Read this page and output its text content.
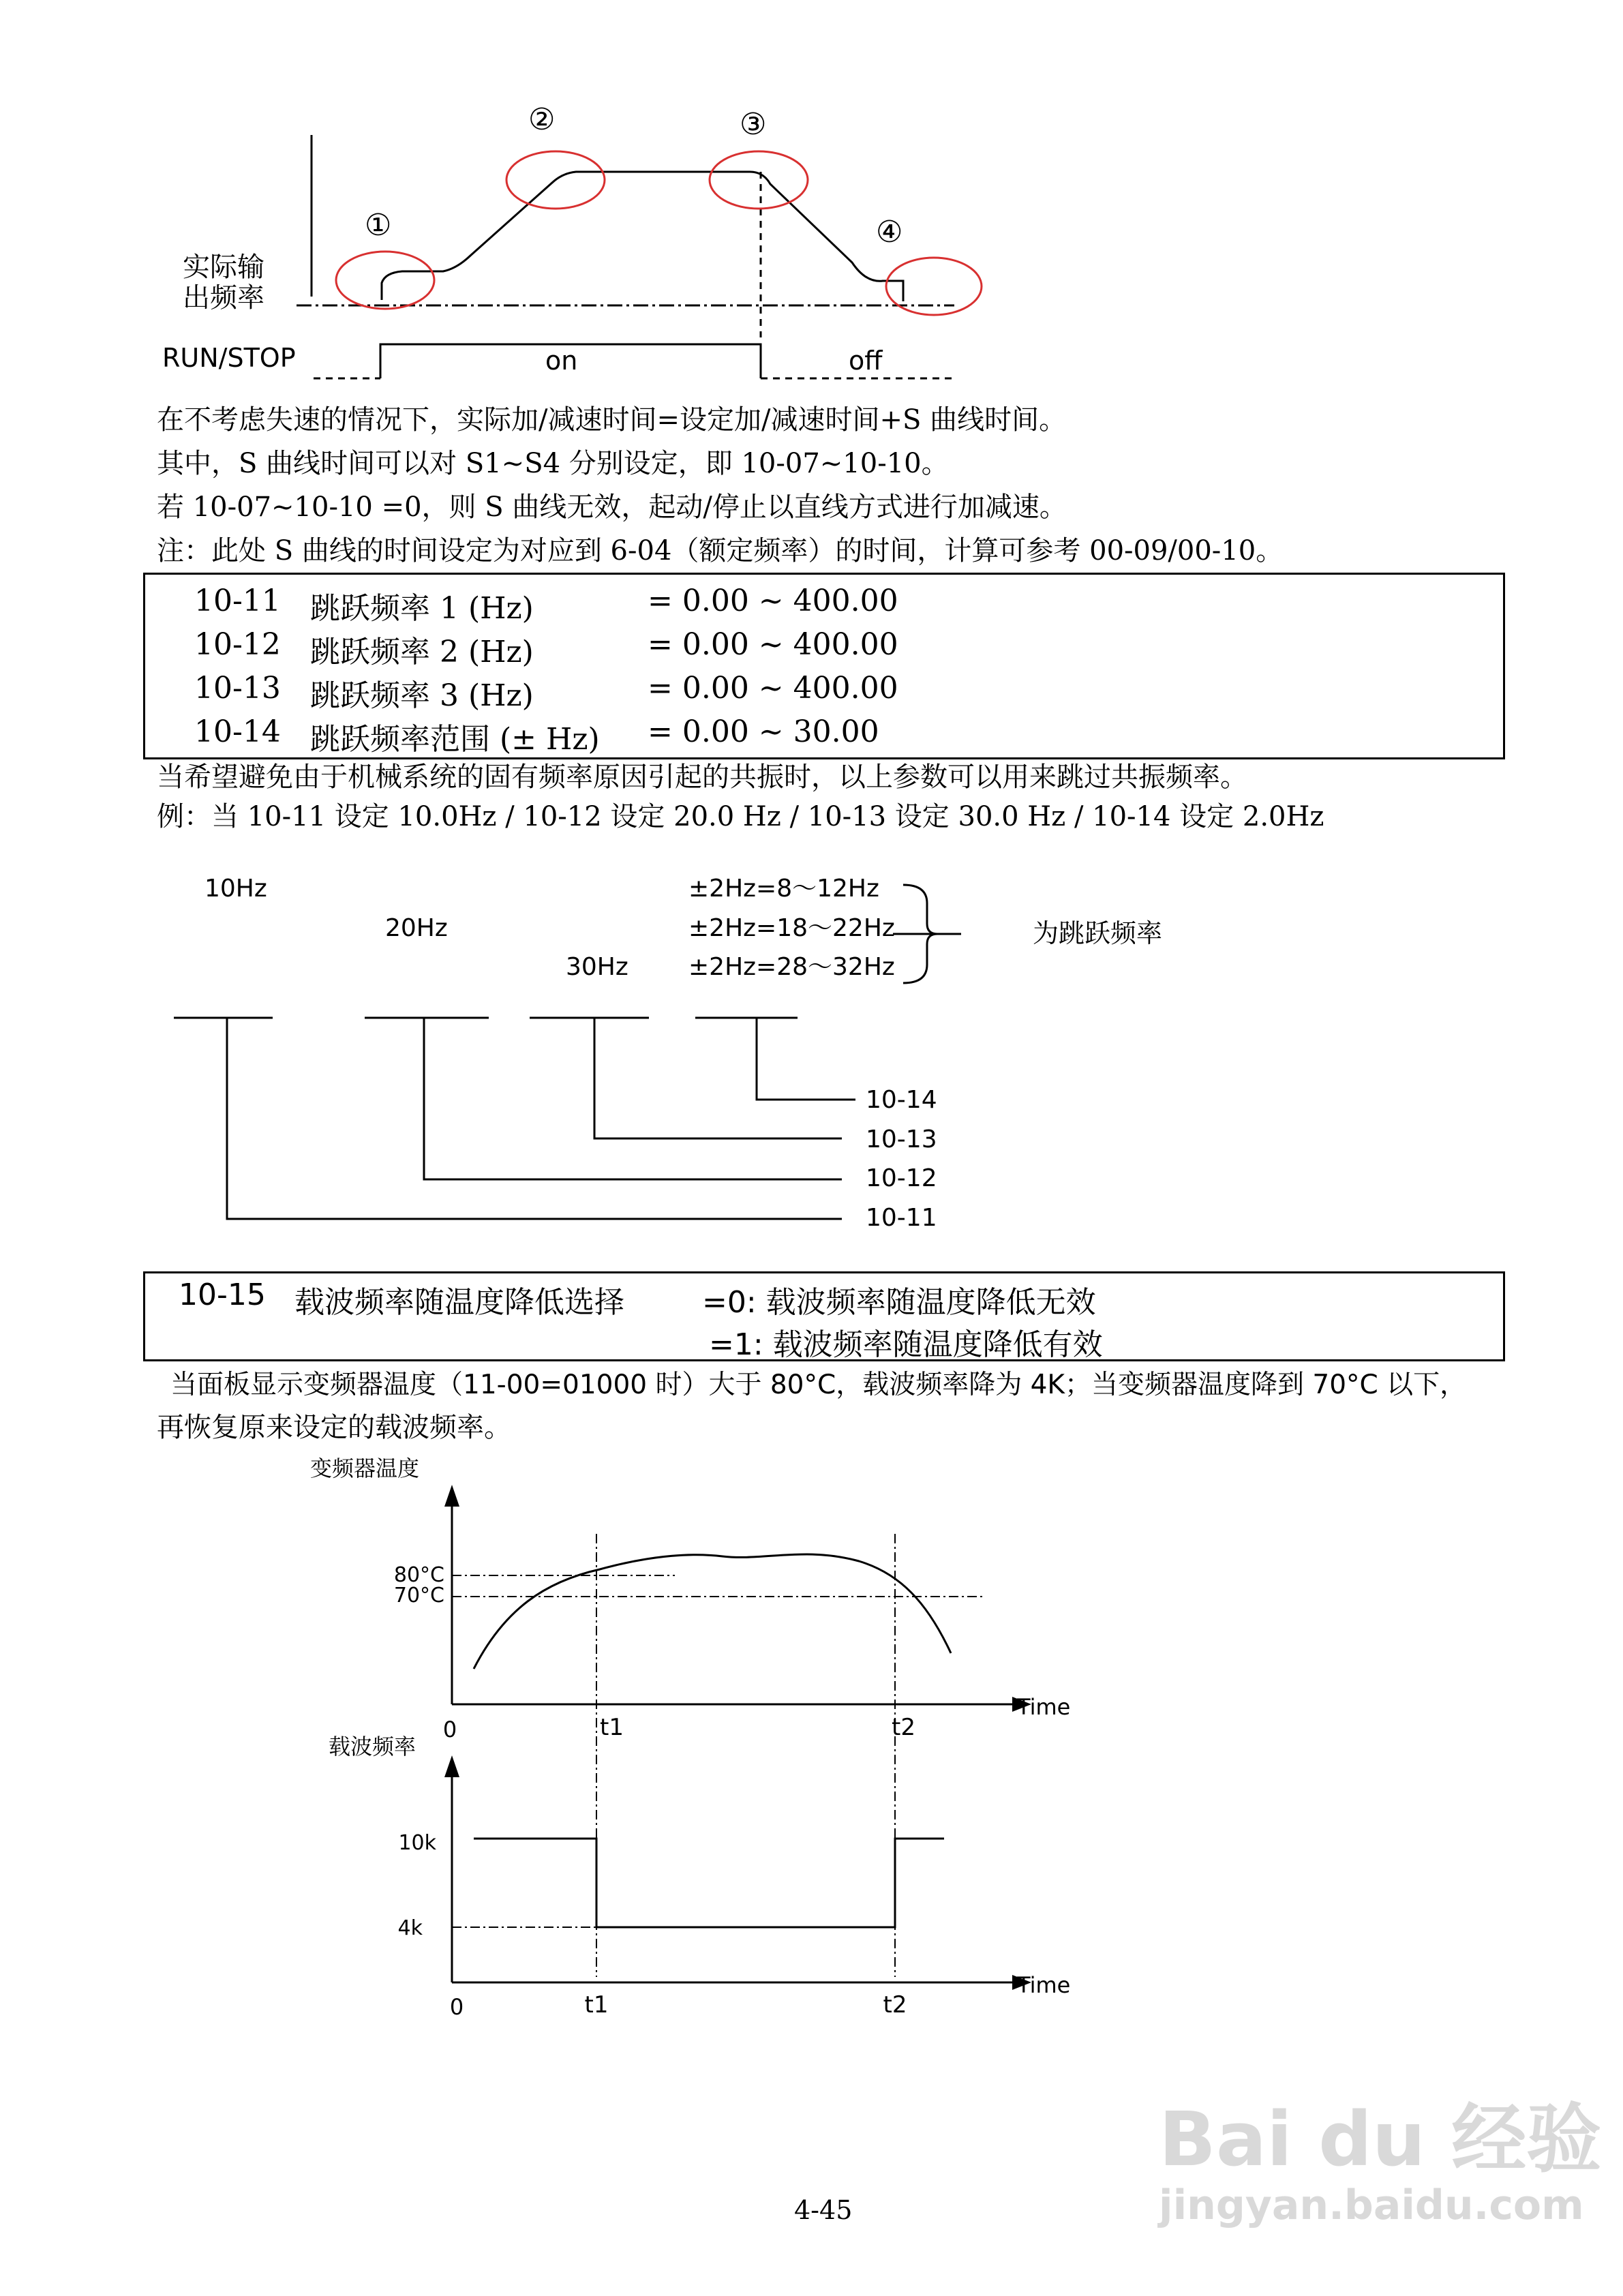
①
②	③
④
实际输
出频率
RUN/STOP	on	off
在不考虑失速的情况下，实际加/减速时间=设定加/减速时间+S 曲线时间。
其中，S 曲线时间可以对 S1~S4 分别设定，即 10-07~10-10。
若 10-07~10-10 =0，则 S 曲线无效，起动/停止以直线方式进行加减速。
注：此处 S 曲线的时间设定为对应到 6-04（额定频率）的时间，计算可参考 00-09/00-10。
10-11 跳跃频率 1 (Hz)	= 0.00 ~ 400.00
10-12 跳跃频率 2 (Hz)	= 0.00 ~ 400.00
10-13 跳跃频率 3 (Hz)	= 0.00 ~ 400.00
10-14 跳跃频率范围 (± Hz) = 0.00 ~ 30.00
当希望避免由于机械系统的固有频率原因引起的共振时，以上参数可以用来跳过共振频率。
例：当 10-11 设定 10.0Hz / 10-12 设定 20.0 Hz / 10-13 设定 30.0 Hz / 10-14 设定 2.0Hz
10Hz
20Hz
30Hz
±2Hz=8～12Hz
±2Hz=18～22Hz
±2Hz=28～32Hz
为跳跃频率
10-14
10-13
10-12
10-11
10-15 载波频率随温度降低选择	=0: 载波频率随温度降低无效
=1: 载波频率随温度降低有效
当面板显示变频器温度（11-00=01000 时）大于 80°C，载波频率降为 4K；当变频器温度降到 70°C 以下，
再恢复原来设定的载波频率。
变频器温度
Time
0	t1	t2
80°C
70°C
载波频率
Time
0	t1	t2
10k
4k
4-45
Bai du 经验
jingyan.baidu.com
